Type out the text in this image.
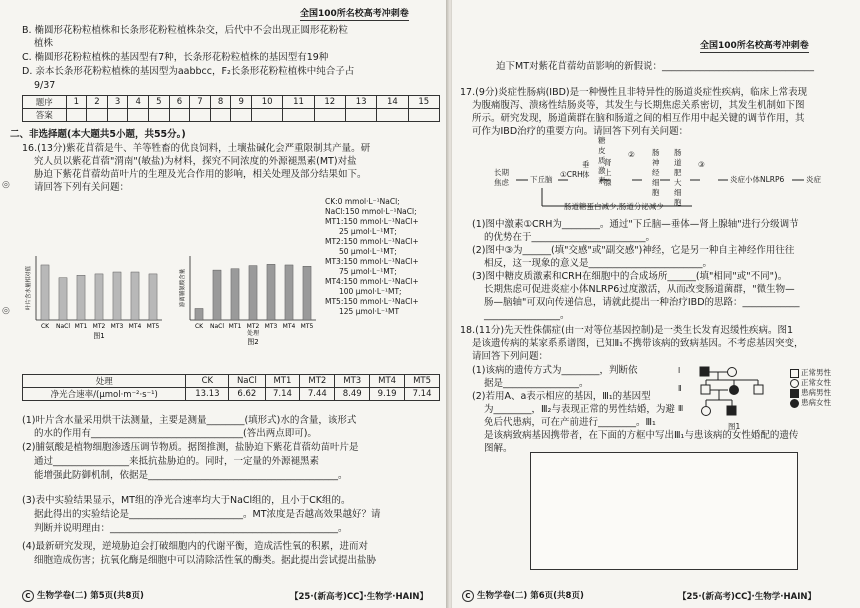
全国100所名校高考冲刺卷
◎
◎
B. 椭圆形花粉粒植株和长条形花粉粒植株杂交，后代中不会出现正圆形花粉粒
植株
C. 椭圆形花粉粒植株的基因型有7种，长条形花粉粒植株的基因型有19种
D. 亲本长条形花粉粒植株的基因型为aabbcc，F₂长条形花粉粒植株中纯合子占
9/37
题序	1	2	3	4	5	6	7	8	9	10	11	12	13	14	15
答案															
二、非选择题(本大题共5小题，共55分。)
16.(13分)紫花苜蓿是牛、羊等牲畜的优良饲料，土壤盐碱化会严重限制其产量。研
究人员以紫花苜蓿"渭南"(敏盐)为材料，探究不同浓度的外源褪黑素(MT)对盐
胁迫下紫花苜蓿幼苗叶片的生理及光合作用的影响，相关处理及部分结果如下。
请回答下列有关问题：
CK NaCl MT1 MT2 MT3 MT4 MT5
叶片含水量相对值
图1
CK NaCl MT1 MT2 MT3 MT4 MT5
游离脯氨酸含量
处理
图2
CK:0 mmol·L⁻¹NaCl;
NaCl:150 mmol·L⁻¹NaCl;
MT1:150 mmol·L⁻¹NaCl+
25 μmol·L⁻¹MT;
MT2:150 mmol·L⁻¹NaCl+
50 μmol·L⁻¹MT;
MT3:150 mmol·L⁻¹NaCl+
75 μmol·L⁻¹MT;
MT4:150 mmol·L⁻¹NaCl+
100 μmol·L⁻¹MT;
MT5:150 mmol·L⁻¹NaCl+
125 μmol·L⁻¹MT
处理	CK	NaCl	MT1	MT2	MT3	MT4	MT5
净光合速率/(μmol·m⁻²·s⁻¹)	13.13	6.62	7.14	7.44	8.49	9.19	7.14
(1)叶片含水量采用烘干法测量，主要是测量________(填形式)水的含量，该形式
的水的作用有________________________________(答出两点即可)。
(2)脯氨酸是植物细胞渗透压调节物质。据图推测，盐胁迫下紫花苜蓿幼苗叶片是
通过________________来抵抗盐胁迫的。同时，一定量的外源褪黑素
能增强此防御机制，依据是________________________________________。
(3)表中实验结果显示，MT组的净光合速率均大于NaCl组的，且小于CK组的。
据此得出的实验结论是________________________。MT浓度是否越高效果越好？请
判断并说明理由：________________________________________________。
(4)最新研究发现，逆境胁迫会打破细胞内的代谢平衡，造成活性氧的积累，进而对
细胞造成伤害；抗氧化酶是细胞中可以清除活性氧的酶类。据此提出尝试提出盐胁
C 生物学卷(二) 第5页(共8页)	【25·(新高考)CC】·生物学·HAIN】
全国100所名校高考冲刺卷
迫下MT对紫花苜蓿幼苗影响的新假说：________________________________
17.(9分)炎症性肠病(IBD)是一种慢性且非特异性的肠道炎症性疾病，临床上常表现
为腹痛腹泻、溃疡性结肠炎等，其发生与长期焦虑关系密切，其发生机制如下图
所示。研究发现，肠道菌群在脑和肠道之间的相互作用中起关键的调节作用，其
可作为IBD治疗的重要方向。请回答下列有关问题：
长期焦虑	下丘脑
①CRH
垂体
肾上腺
糖皮质激素
② 肠神经细胞
肠道肥大细胞
③
炎症小体NLRP6	炎症
肠道糖蛋白减少,肠道分泌减少
(1)图中激素①CRH为________。通过"下丘脑—垂体—肾上腺轴"进行分级调节
的优势在于________________________。
(2)图中③为______(填"交感"或"副交感")神经，它是另一种自主神经作用往往
相反，这一现象的意义是________________________。
(3)图中糖皮质激素和CRH在细胞中的合成场所______(填"相同"或"不同")。
长期焦虑可促进炎症小体NLRP6过度激活，从而改变肠道菌群，"微生物—
肠—脑轴"可双向传递信息，请就此提出一种治疗IBD的思路：____________
________________。
18.(11分)先天性侏儒症(由一对等位基因控制)是一类生长发育迟缓性疾病。图1
是该遗传病的某家系系谱图，已知Ⅱ₁不携带该病的致病基因。不考虑基因突变，
请回答下列问题：
(1)该病的遗传方式为________，判断依
据是________________。
(2)若用A、a表示相应的基因，Ⅲ₁的基因型
为________，Ⅲ₂与表现正常的男性结婚，为避
免后代患病，可在产前进行________。Ⅲ₁
是该病致病基因携带者，在下面的方框中写出Ⅲ₁与患该病的女性婚配的遗传
图解。
Ⅰ
Ⅱ
Ⅲ
图1
正常男性
正常女性
患病男性
患病女性
C 生物学卷(二) 第6页(共8页)	【25·(新高考)CC】·生物学·HAIN】
